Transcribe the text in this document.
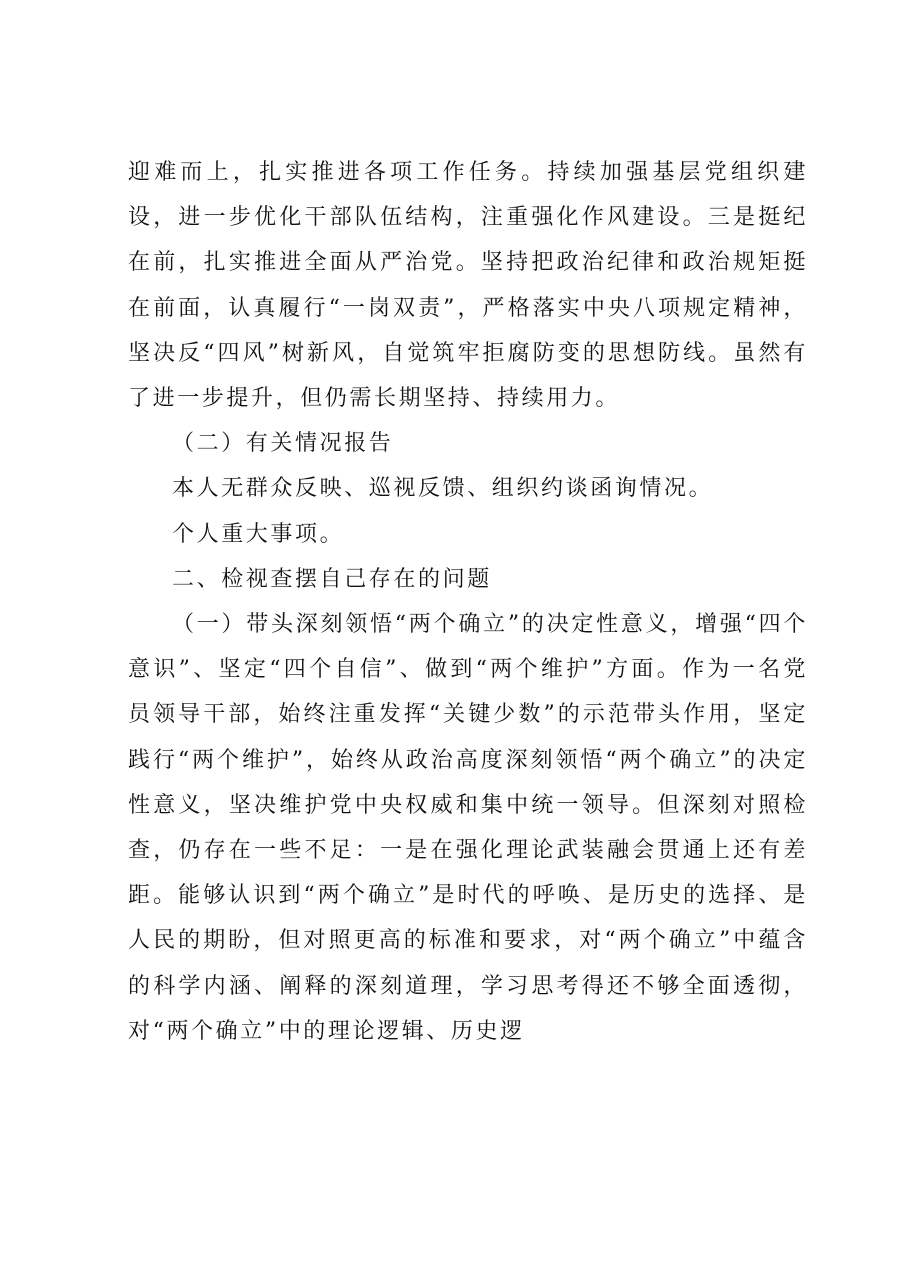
迎难而上，扎实推进各项工作任务。持续加强基层党组织建设，进一步优化干部队伍结构，注重强化作风建设。三是挺纪在前，扎实推进全面从严治党。坚持把政治纪律和政治规矩挺在前面，认真履行“一岗双责”，严格落实中央八项规定精神，坚决反“四风”树新风，自觉筑牢拒腐防变的思想防线。虽然有了进一步提升，但仍需长期坚持、持续用力。

（二）有关情况报告

本人无群众反映、巡视反馈、组织约谈函询情况。

个人重大事项。

二、检视查摆自己存在的问题

（一）带头深刻领悟“两个确立”的决定性意义，增强“四个意识”、坚定“四个自信”、做到“两个维护”方面。作为一名党员领导干部，始终注重发挥“关键少数”的示范带头作用，坚定践行“两个维护”，始终从政治高度深刻领悟“两个确立”的决定性意义，坚决维护党中央权威和集中统一领导。但深刻对照检查，仍存在一些不足：一是在强化理论武装融会贯通上还有差距。能够认识到“两个确立”是时代的呼唤、是历史的选择、是人民的期盼，但对照更高的标准和要求，对“两个确立”中蕴含的科学内涵、阐释的深刻道理，学习思考得还不够全面透彻，对“两个确立”中的理论逻辑、历史逻
